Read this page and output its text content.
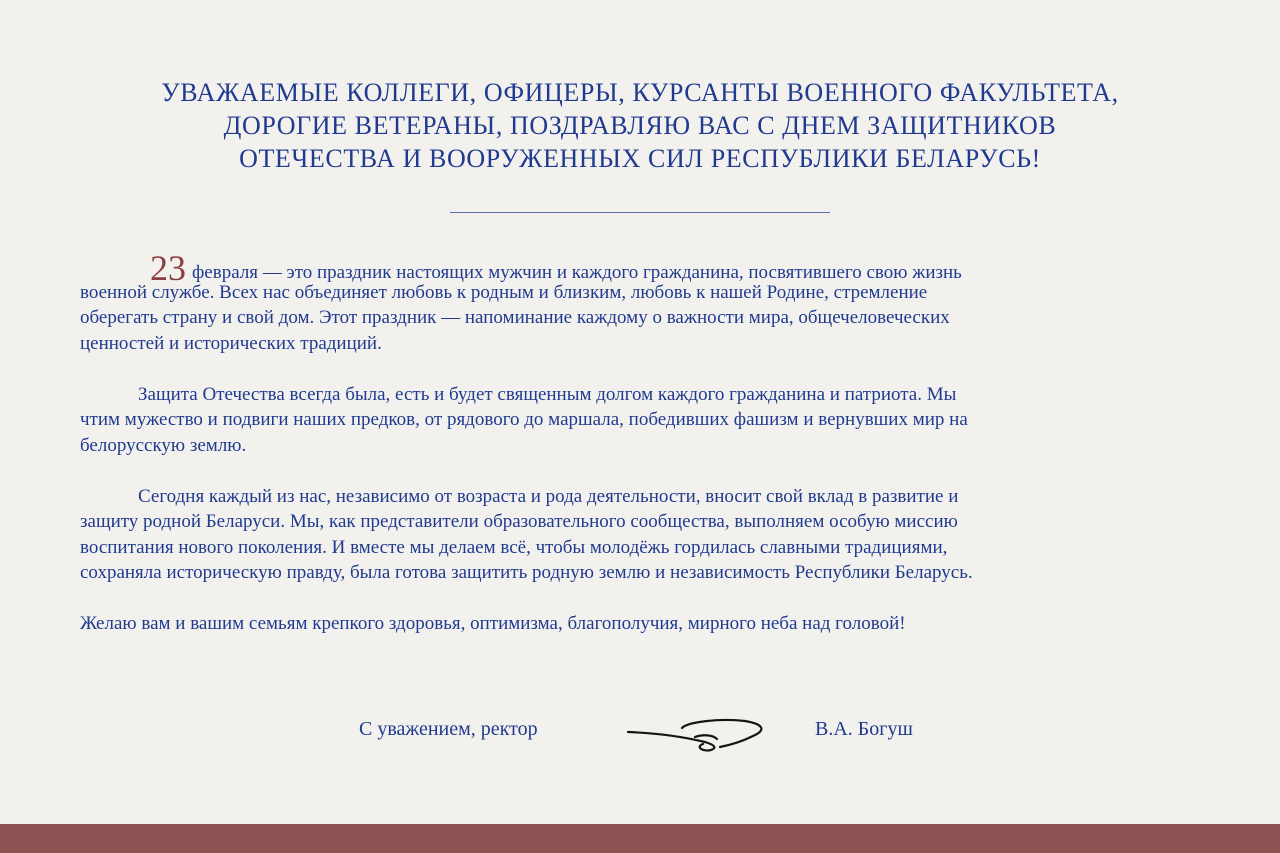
УВАЖАЕМЫЕ КОЛЛЕГИ, ОФИЦЕРЫ, КУРСАНТЫ ВОЕННОГО ФАКУЛЬТЕТА,
ДОРОГИЕ ВЕТЕРАНЫ, ПОЗДРАВЛЯЮ ВАС С ДНЕМ ЗАЩИТНИКОВ
ОТЕЧЕСТВА И ВООРУЖЕННЫХ СИЛ РЕСПУБЛИКИ БЕЛАРУСЬ!

23 февраля — это праздник настоящих мужчин и каждого гражданина, посвятившего свою жизнь
военной службе. Всех нас объединяет любовь к родным и близким, любовь к нашей Родине, стремление
оберегать страну и свой дом. Этот праздник — напоминание каждому о важности мира, общечеловеческих
ценностей и исторических традиций.

Защита Отечества всегда была, есть и будет священным долгом каждого гражданина и патриота. Мы
чтим мужество и подвиги наших предков, от рядового до маршала, победивших фашизм и вернувших мир на
белорусскую землю.

Сегодня каждый из нас, независимо от возраста и рода деятельности, вносит свой вклад в развитие и
защиту родной Беларуси. Мы, как представители образовательного сообщества, выполняем особую миссию
воспитания нового поколения. И вместе мы делаем всё, чтобы молодёжь гордилась славными традициями,
сохраняла историческую правду, была готова защитить родную землю и независимость Республики Беларусь.

Желаю вам и вашим семьям крепкого здоровья, оптимизма, благополучия, мирного неба над головой!

С уважением, ректор	В.А. Богуш
